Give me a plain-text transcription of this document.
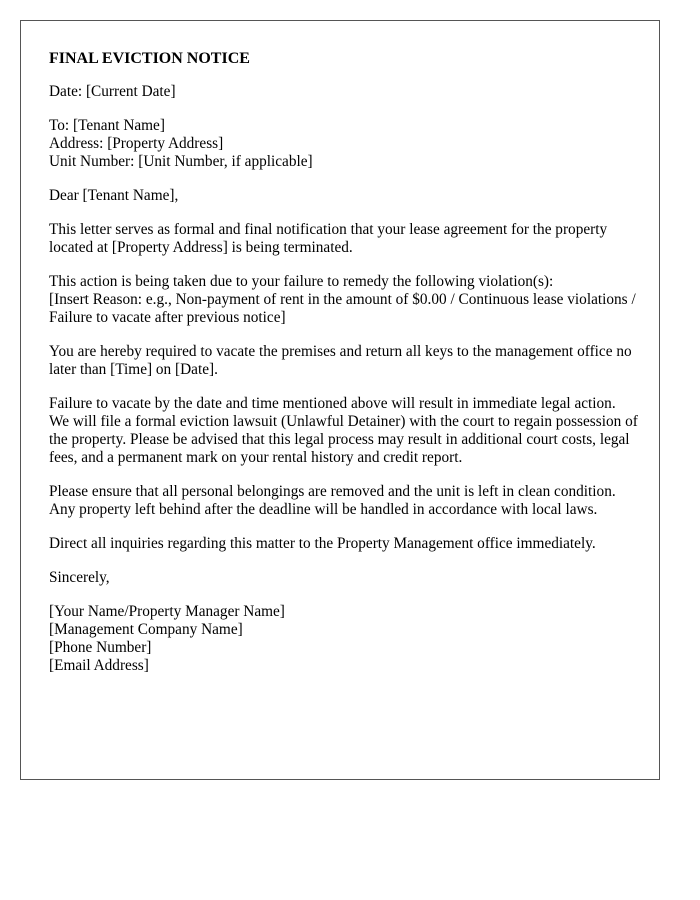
FINAL EVICTION NOTICE

Date: [Current Date]

To: [Tenant Name]
Address: [Property Address]
Unit Number: [Unit Number, if applicable]

Dear [Tenant Name],

This letter serves as formal and final notification that your lease agreement for the property located at [Property Address] is being terminated.

This action is being taken due to your failure to remedy the following violation(s):
[Insert Reason: e.g., Non-payment of rent in the amount of $0.00 / Continuous lease violations / Failure to vacate after previous notice]

You are hereby required to vacate the premises and return all keys to the management office no later than [Time] on [Date].

Failure to vacate by the date and time mentioned above will result in immediate legal action. We will file a formal eviction lawsuit (Unlawful Detainer) with the court to regain possession of the property. Please be advised that this legal process may result in additional court costs, legal fees, and a permanent mark on your rental history and credit report.

Please ensure that all personal belongings are removed and the unit is left in clean condition. Any property left behind after the deadline will be handled in accordance with local laws.

Direct all inquiries regarding this matter to the Property Management office immediately.

Sincerely,

[Your Name/Property Manager Name]
[Management Company Name]
[Phone Number]
[Email Address]
